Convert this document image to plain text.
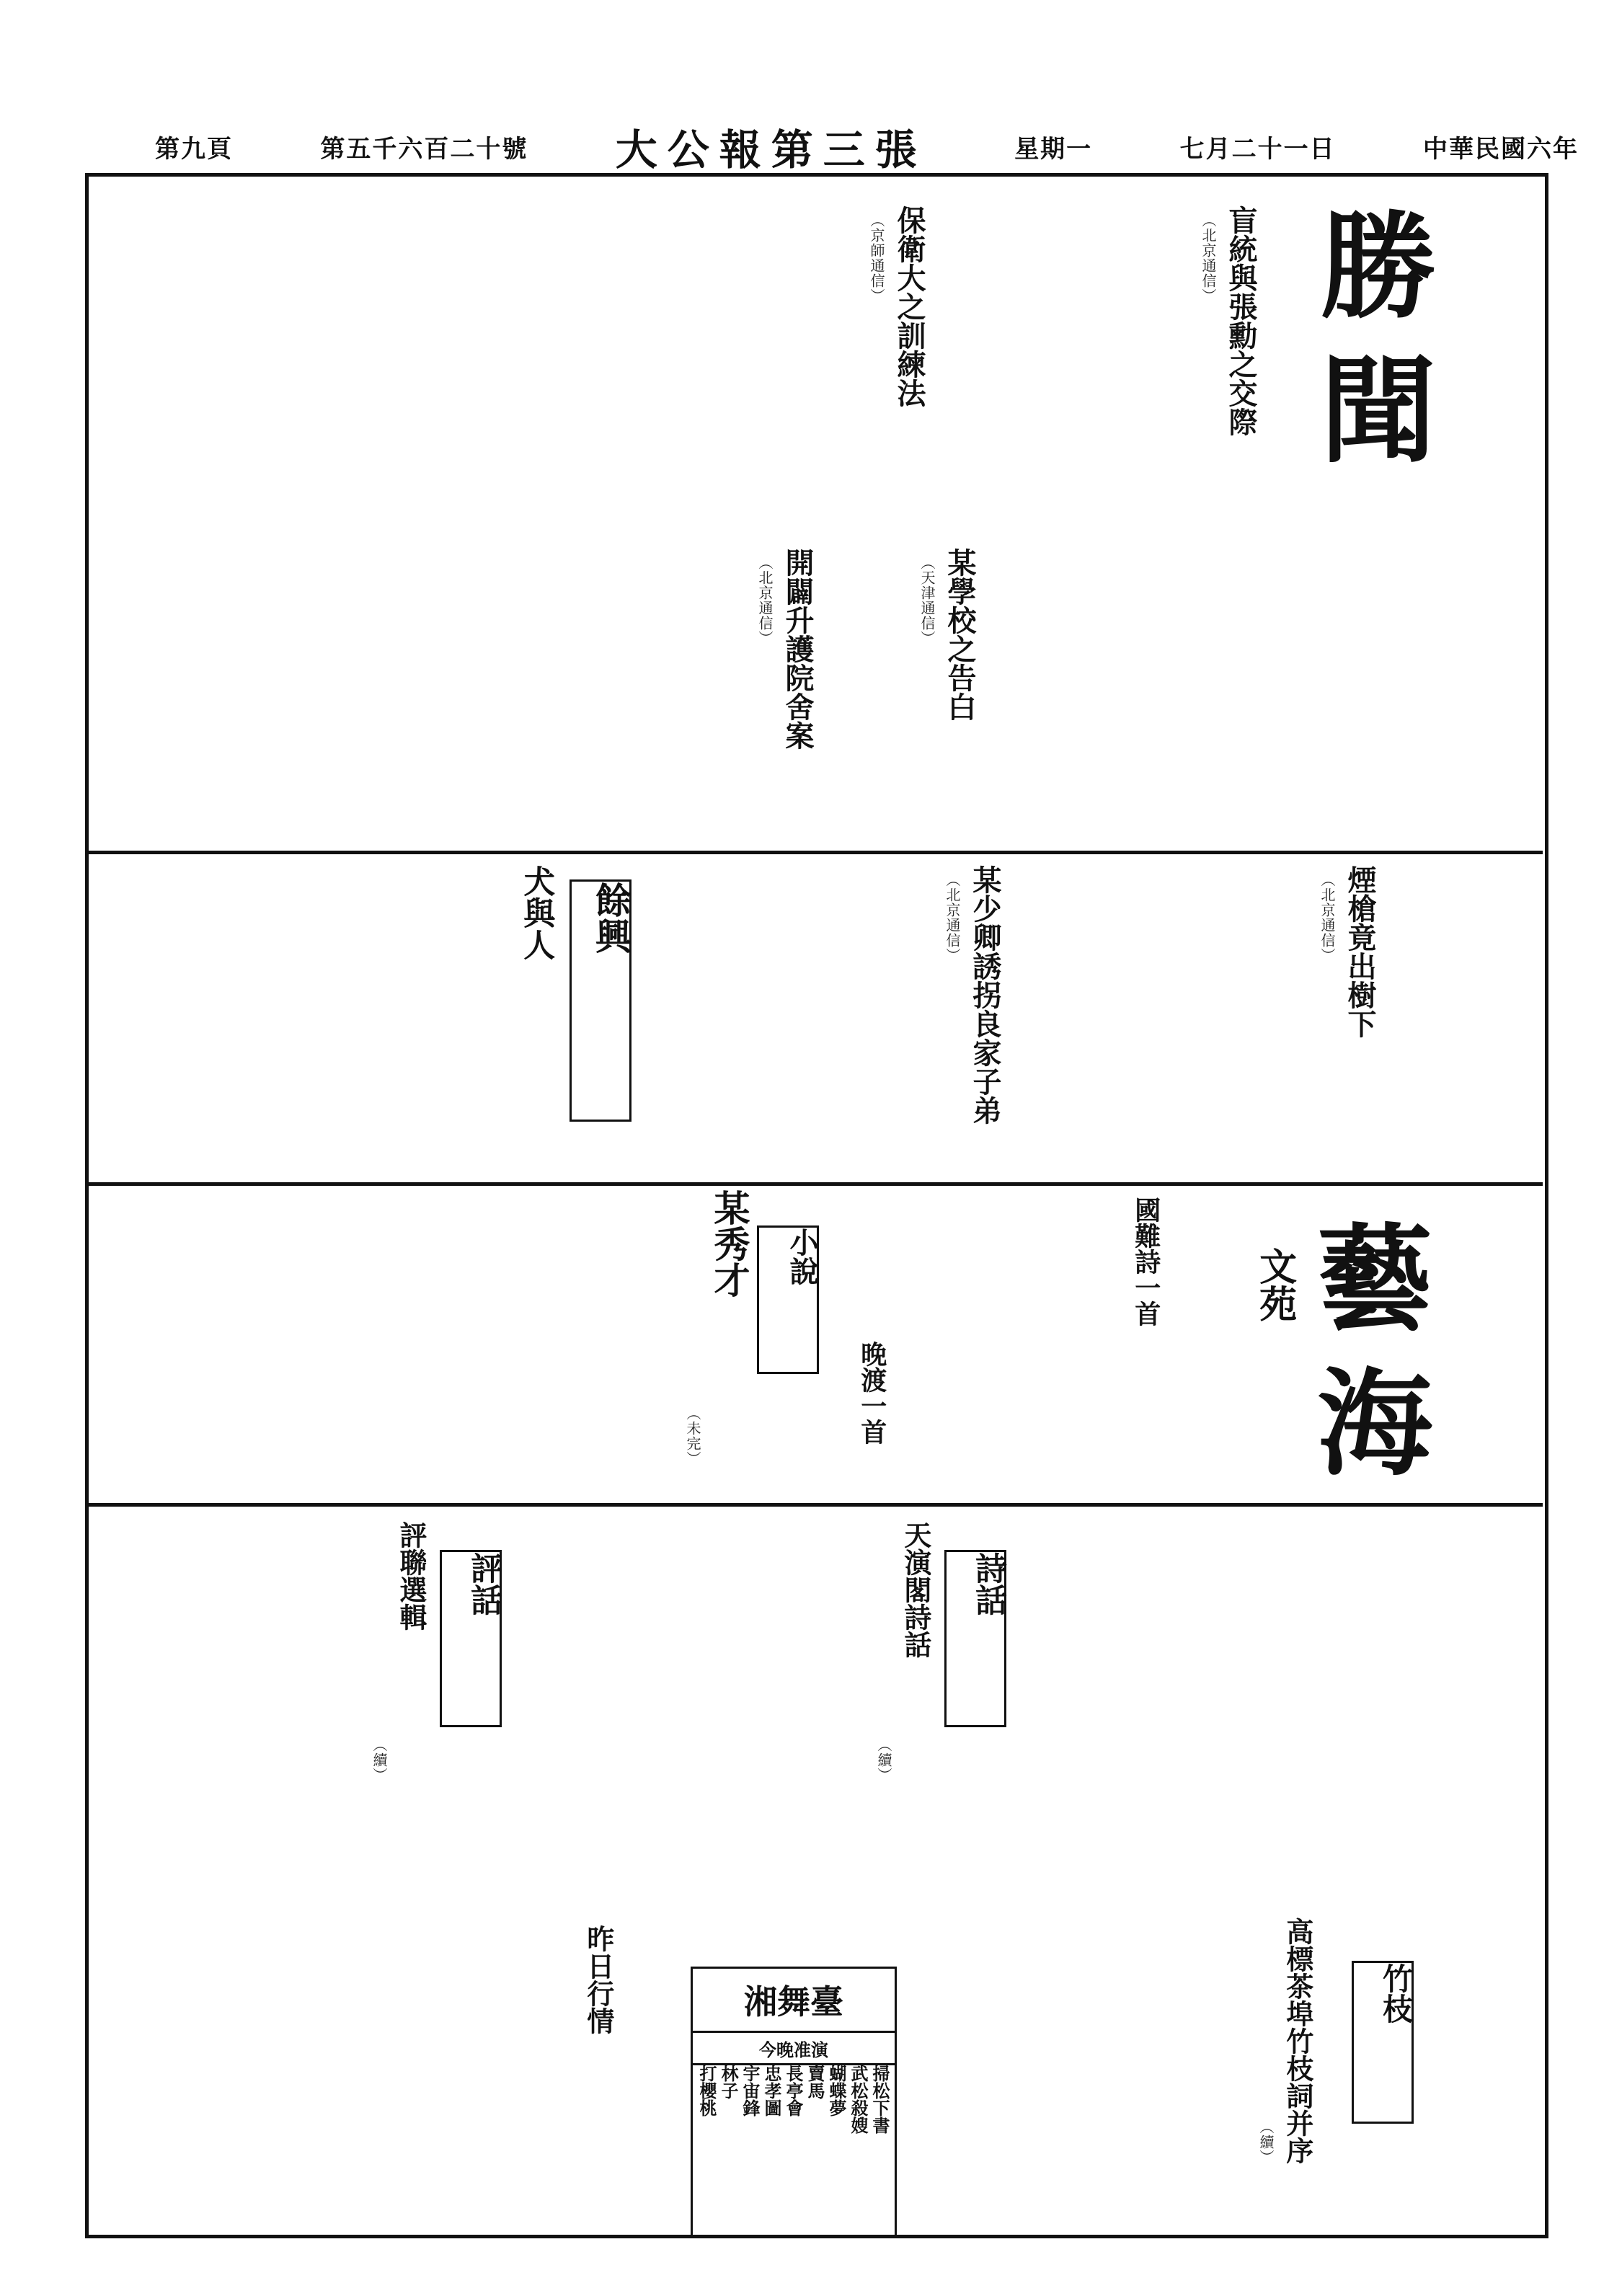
第九頁	第五千六百二十號 大公報第三張	星期一	七月二十一日	中華民國六年
勝聞
藝海
文苑
餘興
小說
詩話
評話
竹枝
盲統與張勳之交際
（北京通信）
保衛大之訓練法
（京師通信）
某學校之告白
（天津通信）
開闢升護院舍案
（北京通信）
煙槍竟出樹下
（北京通信）
某少卿誘拐良家子弟
（北京通信）
犬與人
某秀才
（未完）
國難詩一首
晚渡一首
天演閣詩話
（續）
評聯選輯
（續）
高標茶埠竹枝詞并序
（續）
昨日行情	湘舞臺
今晚准演
打櫻桃 林子 宇宙鋒 忠孝圖 長亭會 賣馬 蝴蝶夢 武松殺嫂 掃松下書
